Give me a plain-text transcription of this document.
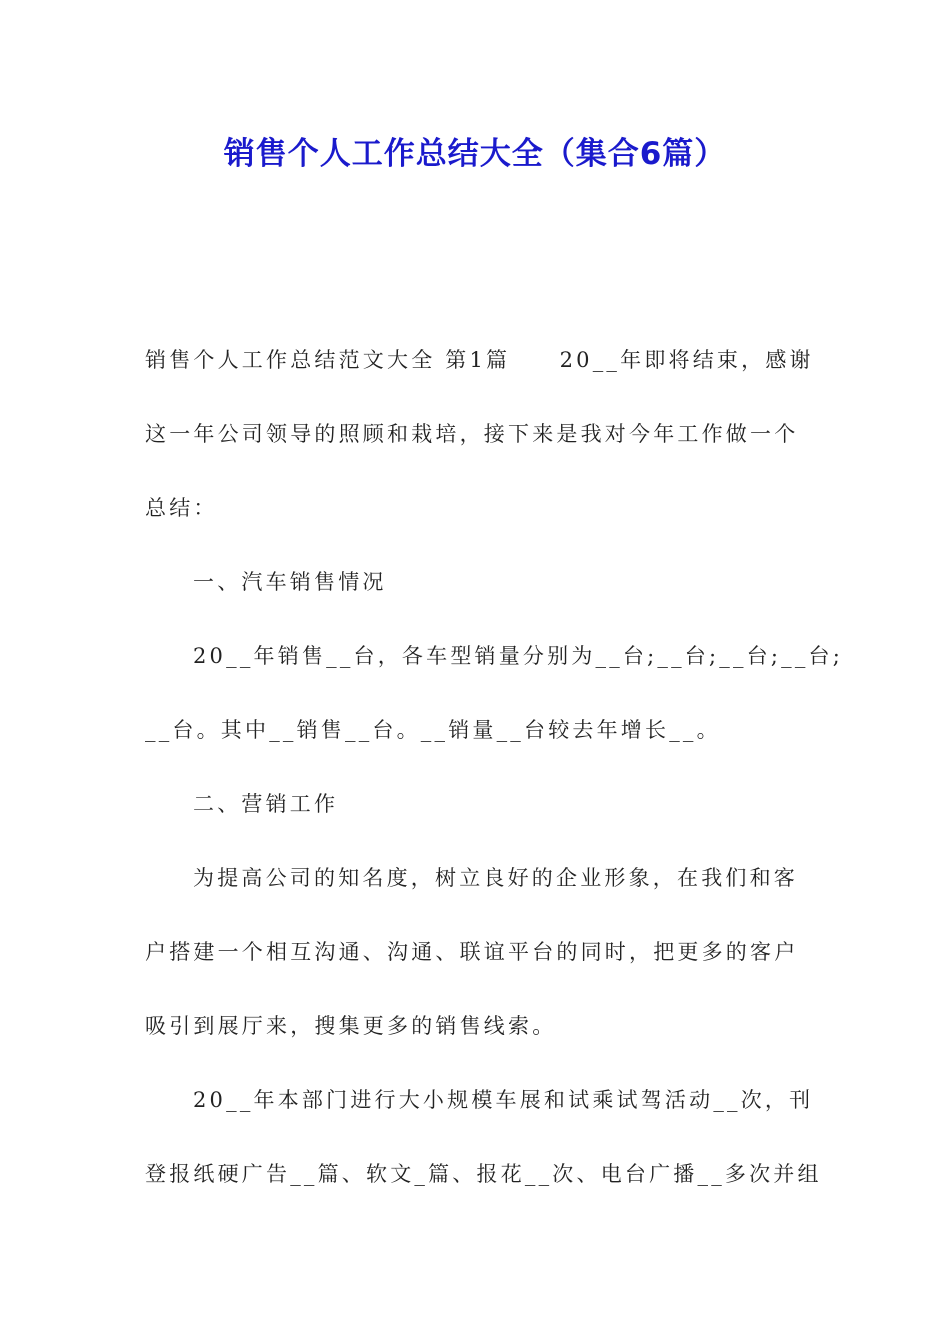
销售个人工作总结大全（集合6篇）
销售个人工作总结范文大全 第1篇     20__年即将结束，感谢
这一年公司领导的照顾和栽培，接下来是我对今年工作做一个
总结：
一、汽车销售情况
20__年销售__台，各车型销量分别为__台;__台;__台;__台;
__台。其中__销售__台。__销量__台较去年增长__。
二、营销工作
为提高公司的知名度，树立良好的企业形象，在我们和客
户搭建一个相互沟通、沟通、联谊平台的同时，把更多的客户
吸引到展厅来，搜集更多的销售线索。
20__年本部门进行大小规模车展和试乘试驾活动__次，刊
登报纸硬广告__篇、软文_篇、报花__次、电台广播__多次并组
